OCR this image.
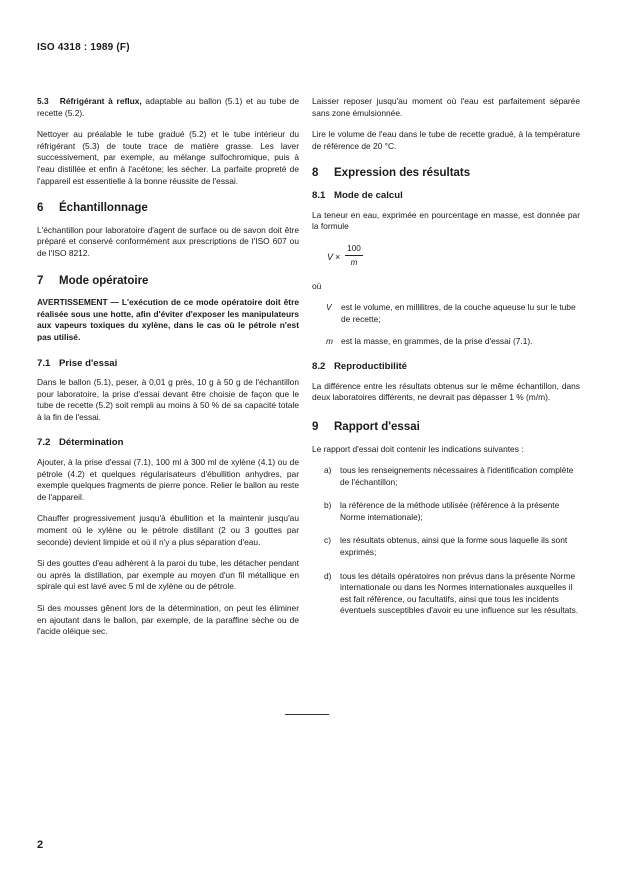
ISO 4318 : 1989 (F)

5.3 Réfrigérant à reflux, adaptable au ballon (5.1) et au tube de recette (5.2).

Nettoyer au préalable le tube gradué (5.2) et le tube intérieur du réfrigérant (5.3) de toute trace de matière grasse. Les laver successivement, par exemple, au mélange sulfochromique, puis à l'eau distillée et enfin à l'acétone; les sécher. La parfaite propreté de l'appareil est essentielle à la bonne réussite de l'essai.

6 Échantillonnage

L'échantillon pour laboratoire d'agent de surface ou de savon doit être préparé et conservé conformément aux prescriptions de l'ISO 607 ou de l'ISO 8212.

7 Mode opératoire
AVERTISSEMENT — L'exécution de ce mode opératoire doit être réalisée sous une hotte, afin d'éviter d'exposer les manipulateurs aux vapeurs toxiques du xylène, dans le cas où le pétrole n'est pas utilisé.
7.1 Prise d'essai

Dans le ballon (5.1), peser, à 0,01 g près, 10 g à 50 g de l'échantillon pour laboratoire, la prise d'essai devant être choisie de façon que le tube de recette (5.2) soit rempli au moins à 50 % de sa capacité totale à la fin de l'essai.

7.2 Détermination

Ajouter, à la prise d'essai (7.1), 100 ml à 300 ml de xylène (4.1) ou de pétrole (4.2) et quelques régularisateurs d'ébullition anhydres, par exemple quelques fragments de pierre ponce. Relier le ballon au reste de l'appareil.

Chauffer progressivement jusqu'à ébullition et la maintenir jusqu'au moment où le xylène ou le pétrole distillant (2 ou 3 gouttes par seconde) devient limpide et où il n'y a plus séparation d'eau.

Si des gouttes d'eau adhèrent à la paroi du tube, les détacher pendant ou après la distillation, par exemple au moyen d'un fil métallique en spirale qui est lavé avec 5 ml de xylène ou de pétrole.

Si des mousses gênent lors de la détermination, on peut les éliminer en ajoutant dans le ballon, par exemple, de la paraffine sèche ou de l'acide oléique sec.

Laisser reposer jusqu'au moment où l'eau est parfaitement séparée sans zone émulsionnée.

Lire le volume de l'eau dans le tube de recette gradué, à la température de référence de 20 °C.

8 Expression des résultats
8.1 Mode de calcul

La teneur en eau, exprimée en pourcentage en masse, est donnée par la formule

V ×
100
m

où

V	est le volume, en millilitres, de la couche aqueuse lu sur le tube de recette;
m est la masse, en grammes, de la prise d'essai (7.1).
8.2 Reproductibilité

La différence entre les résultats obtenus sur le même échantillon, dans deux laboratoires différents, ne devrait pas dépasser 1 % (m/m).

9 Rapport d'essai

Le rapport d'essai doit contenir les indications suivantes :

a)	tous les renseignements nécessaires à l'identification complète de l'échantillon;
b)	la référence de la méthode utilisée (référence à la présente Norme internationale);
c)	les résultats obtenus, ainsi que la forme sous laquelle ils sont exprimés;
d)	tous les détails opératoires non prévus dans la présente Norme internationale ou dans les Normes internationales auxquelles il est fait référence, ou facultatifs, ainsi que tous les incidents éventuels susceptibles d'avoir eu une influence sur les résultats.
2
